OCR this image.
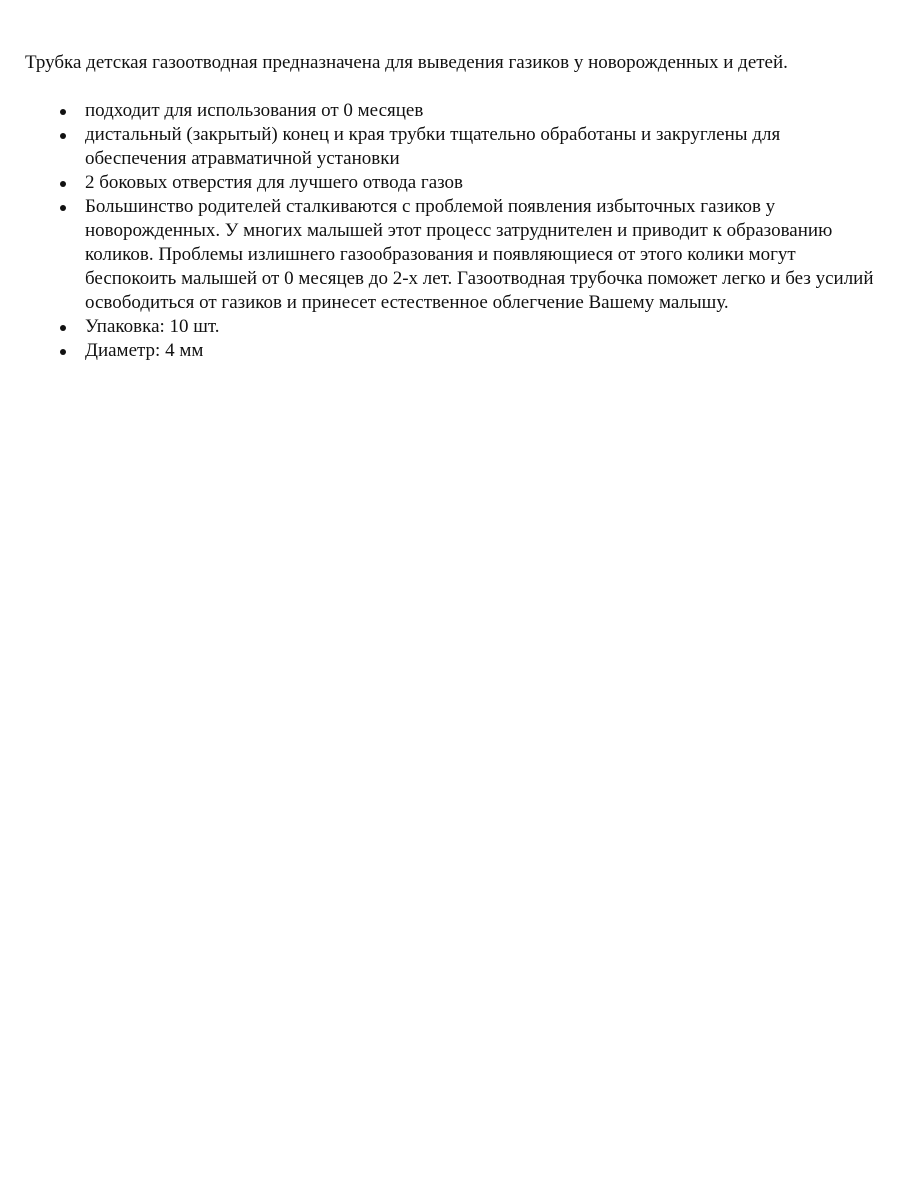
Трубка детская газоотводная предназначена для выведения газиков у новорожденных и детей.

подходит для использования от 0 месяцев
дистальный (закрытый) конец и края трубки тщательно обработаны и закруглены для обеспечения атравматичной установки
2 боковых отверстия для лучшего отвода газов
Большинство родителей сталкиваются с проблемой появления избыточных газиков у новорожденных. У многих малышей этот процесс затруднителен и приводит к образованию коликов. Проблемы излишнего газообразования и появляющиеся от этого колики могут беспокоить малышей от 0 месяцев до 2-х лет. Газоотводная трубочка поможет легко и без усилий освободиться от газиков и принесет естественное облегчение Вашему малышу.
Упаковка: 10 шт.
Диаметр: 4 мм
